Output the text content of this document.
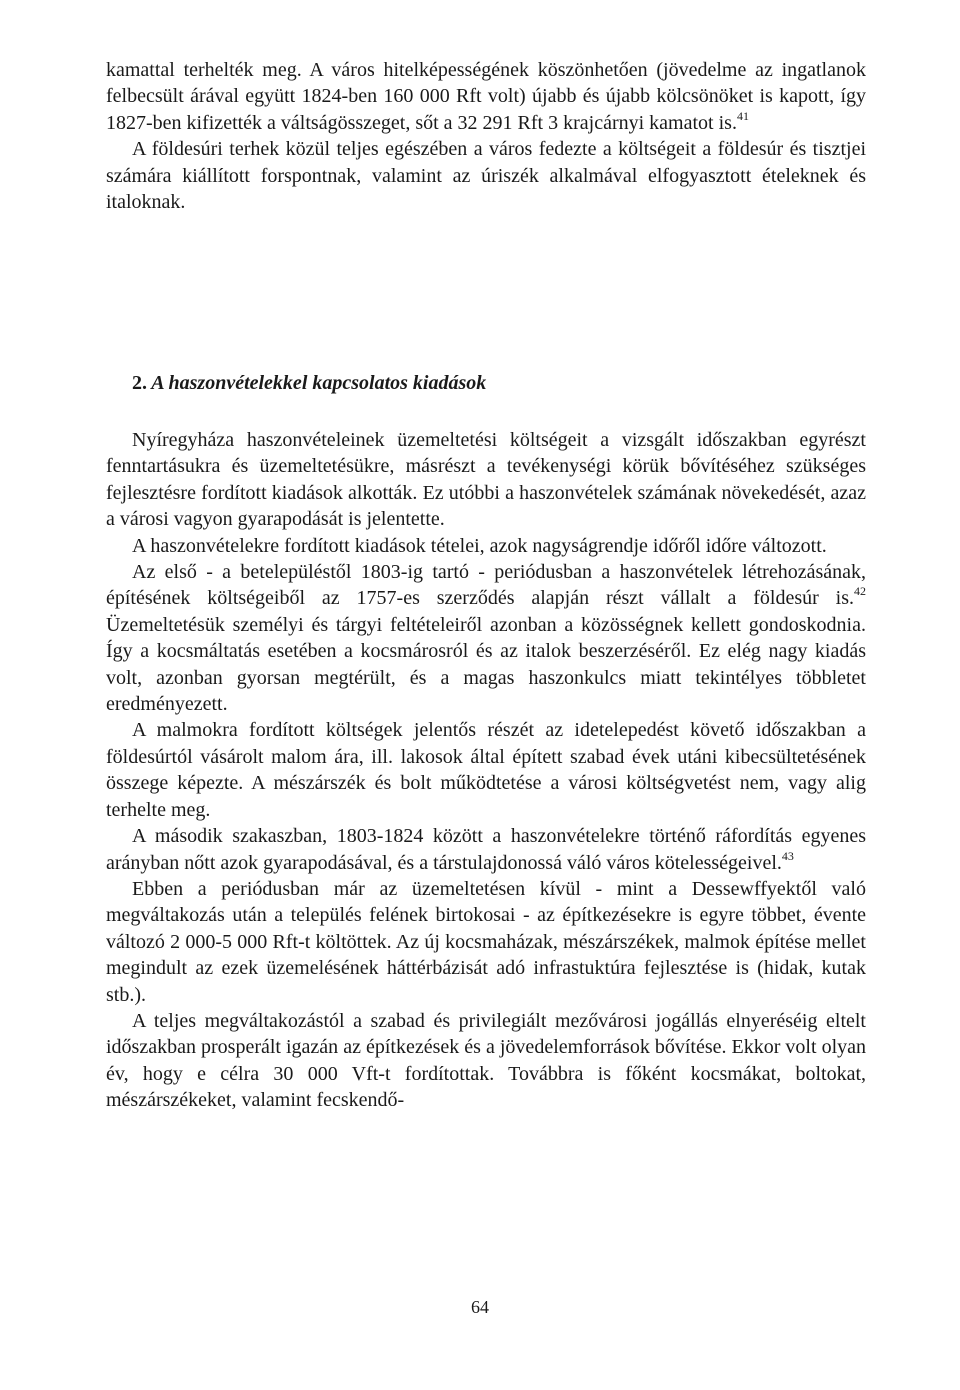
kamattal terhelték meg. A város hitelképességének köszönhetően (jövedelme az ingatlanok felbecsült árával együtt 1824-ben 160 000 Rft volt) újabb és újabb kölcsönöket is kapott, így 1827-ben kifizették a váltságösszeget, sőt a 32 291 Rft 3 krajcárnyi kamatot is.$^{41}$

A földesúri terhek közül teljes egészében a város fedezte a költségeit a földesúr és tisztjei számára kiállított forspontnak, valamint az úriszék alkalmával elfogyasztott ételeknek és italoknak.

2. A haszonvételekkel kapcsolatos kiadások

Nyíregyháza haszonvételeinek üzemeltetési költségeit a vizsgált időszakban egyrészt fenntartásukra és üzemeltetésükre, másrészt a tevékenységi körük bővítéséhez szükséges fejlesztésre fordított kiadások alkották. Ez utóbbi a haszonvételek számának növekedését, azaz a városi vagyon gyarapodását is jelentette.

A haszonvételekre fordított kiadások tételei, azok nagyságrendje időről időre változott.

Az első - a betelepüléstől 1803-ig tartó - periódusban a haszonvételek létrehozásának, építésének költségeiből az 1757-es szerződés alapján részt vállalt a földesúr is.$^{42}$ Üzemeltetésük személyi és tárgyi feltételeiről azonban a közösségnek kellett gondoskodnia. Így a kocsmáltatás esetében a kocsmárosról és az italok beszerzéséről. Ez elég nagy kiadás volt, azonban gyorsan megtérült, és a magas haszonkulcs miatt tekintélyes többletet eredményezett.

A malmokra fordított költségek jelentős részét az idetelepedést követő időszakban a földesúrtól vásárolt malom ára, ill. lakosok által épített szabad évek utáni kibecsültetésének összege képezte. A mészárszék és bolt működtetése a városi költségvetést nem, vagy alig terhelte meg.

A második szakaszban, 1803-1824 között a haszonvételekre történő ráfordítás egyenes arányban nőtt azok gyarapodásával, és a társtulajdonossá váló város kötelességeivel.$^{43}$

Ebben a periódusban már az üzemeltetésen kívül - mint a Dessewffyektől való megváltakozás után a település felének birtokosai - az építkezésekre is egyre többet, évente változó 2 000-5 000 Rft-t költöttek. Az új kocsmaházak, mészárszékek, malmok építése mellet megindult az ezek üzemelésének háttérbázisát adó infrastuktúra fejlesztése is (hidak, kutak stb.).

A teljes megváltakozástól a szabad és privilegiált mezővárosi jogállás elnyeréséig eltelt időszakban prosperált igazán az építkezések és a jövedelemforrások bővítése. Ekkor volt olyan év, hogy e célra 30 000 Vft-t fordítottak. Továbbra is főként kocsmákat, boltokat, mészárszékeket, valamint fecskendő-

64
